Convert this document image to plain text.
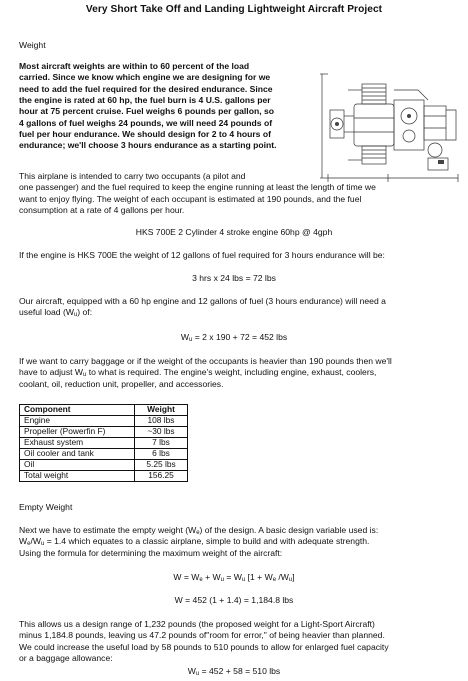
Very Short Take Off and Landing Lightweight Aircraft Project
Weight
Most aircraft weights are within to 60 percent of the load
carried. Since we know which engine we are designing for we
need to add the fuel required for the desired endurance. Since
the engine is rated at 60 hp, the fuel burn is 4 U.S. gallons per
hour at 75 percent cruise. Fuel weighs 6 pounds per gallon, so
4 gallons of fuel weighs 24 pounds, we will need 24 pounds of
fuel per hour endurance. We should design for 2 to 4 hours of
endurance; we'll choose 3 hours endurance as a starting point.
This airplane is intended to carry two occupants (a pilot and
one passenger) and the fuel required to keep the engine running at least the length of time we
want to enjoy flying. The weight of each occupant is estimated at 190 pounds, and the fuel
consumption at a rate of 4 gallons per hour.
HKS 700E 2 Cylinder 4 stroke engine 60hp @ 4gph
If the engine is HKS 700E the weight of 12 gallons of fuel required for 3 hours endurance will be:
3 hrs x 24 lbs = 72 lbs
Our aircraft, equipped with a 60 hp engine and 12 gallons of fuel (3 hours endurance) will need a
useful load $(W_u)$ of:
$W_u = 2$ x 190 + 72 = 452 lbs
If we want to carry baggage or if the weight of the occupants is heavier than 190 pounds then we'll
have to adjust $W_u$ to what is required. The engine's weight, including engine, exhaust, coolers,
coolant, oil, reduction unit, propeller, and accessories.
Component	Weight
Engine	108 lbs
Propeller (Powerfin F)	~30 lbs
Exhaust system	7 lbs
Oil cooler and tank	6 lbs
Oil	5.25 lbs
Total weight	156.25
Empty Weight
Next we have to estimate the empty weight $(W_e)$ of the design. A basic design variable used is:
$W_e/W_u = 1.4$ which equates to a classic airplane, simple to build and with adequate strength.
Using the formula for determining the maximum weight of the aircraft:
$W = W_e + W_u = W_u$ [$1 + W_e$ $/W_u$]
W = 452 (1 + 1.4) = 1,184.8 lbs
This allows us a design range of 1,232 pounds (the proposed weight for a Light-Sport Aircraft)
minus 1,184.8 pounds, leaving us 47.2 pounds of"room for error," of being heavier than planned.
We could increase the useful load by 58 pounds to 510 pounds to allow for enlarged fuel capacity
or a baggage allowance:
$W_u = 452 + 58 = 510$ lbs
